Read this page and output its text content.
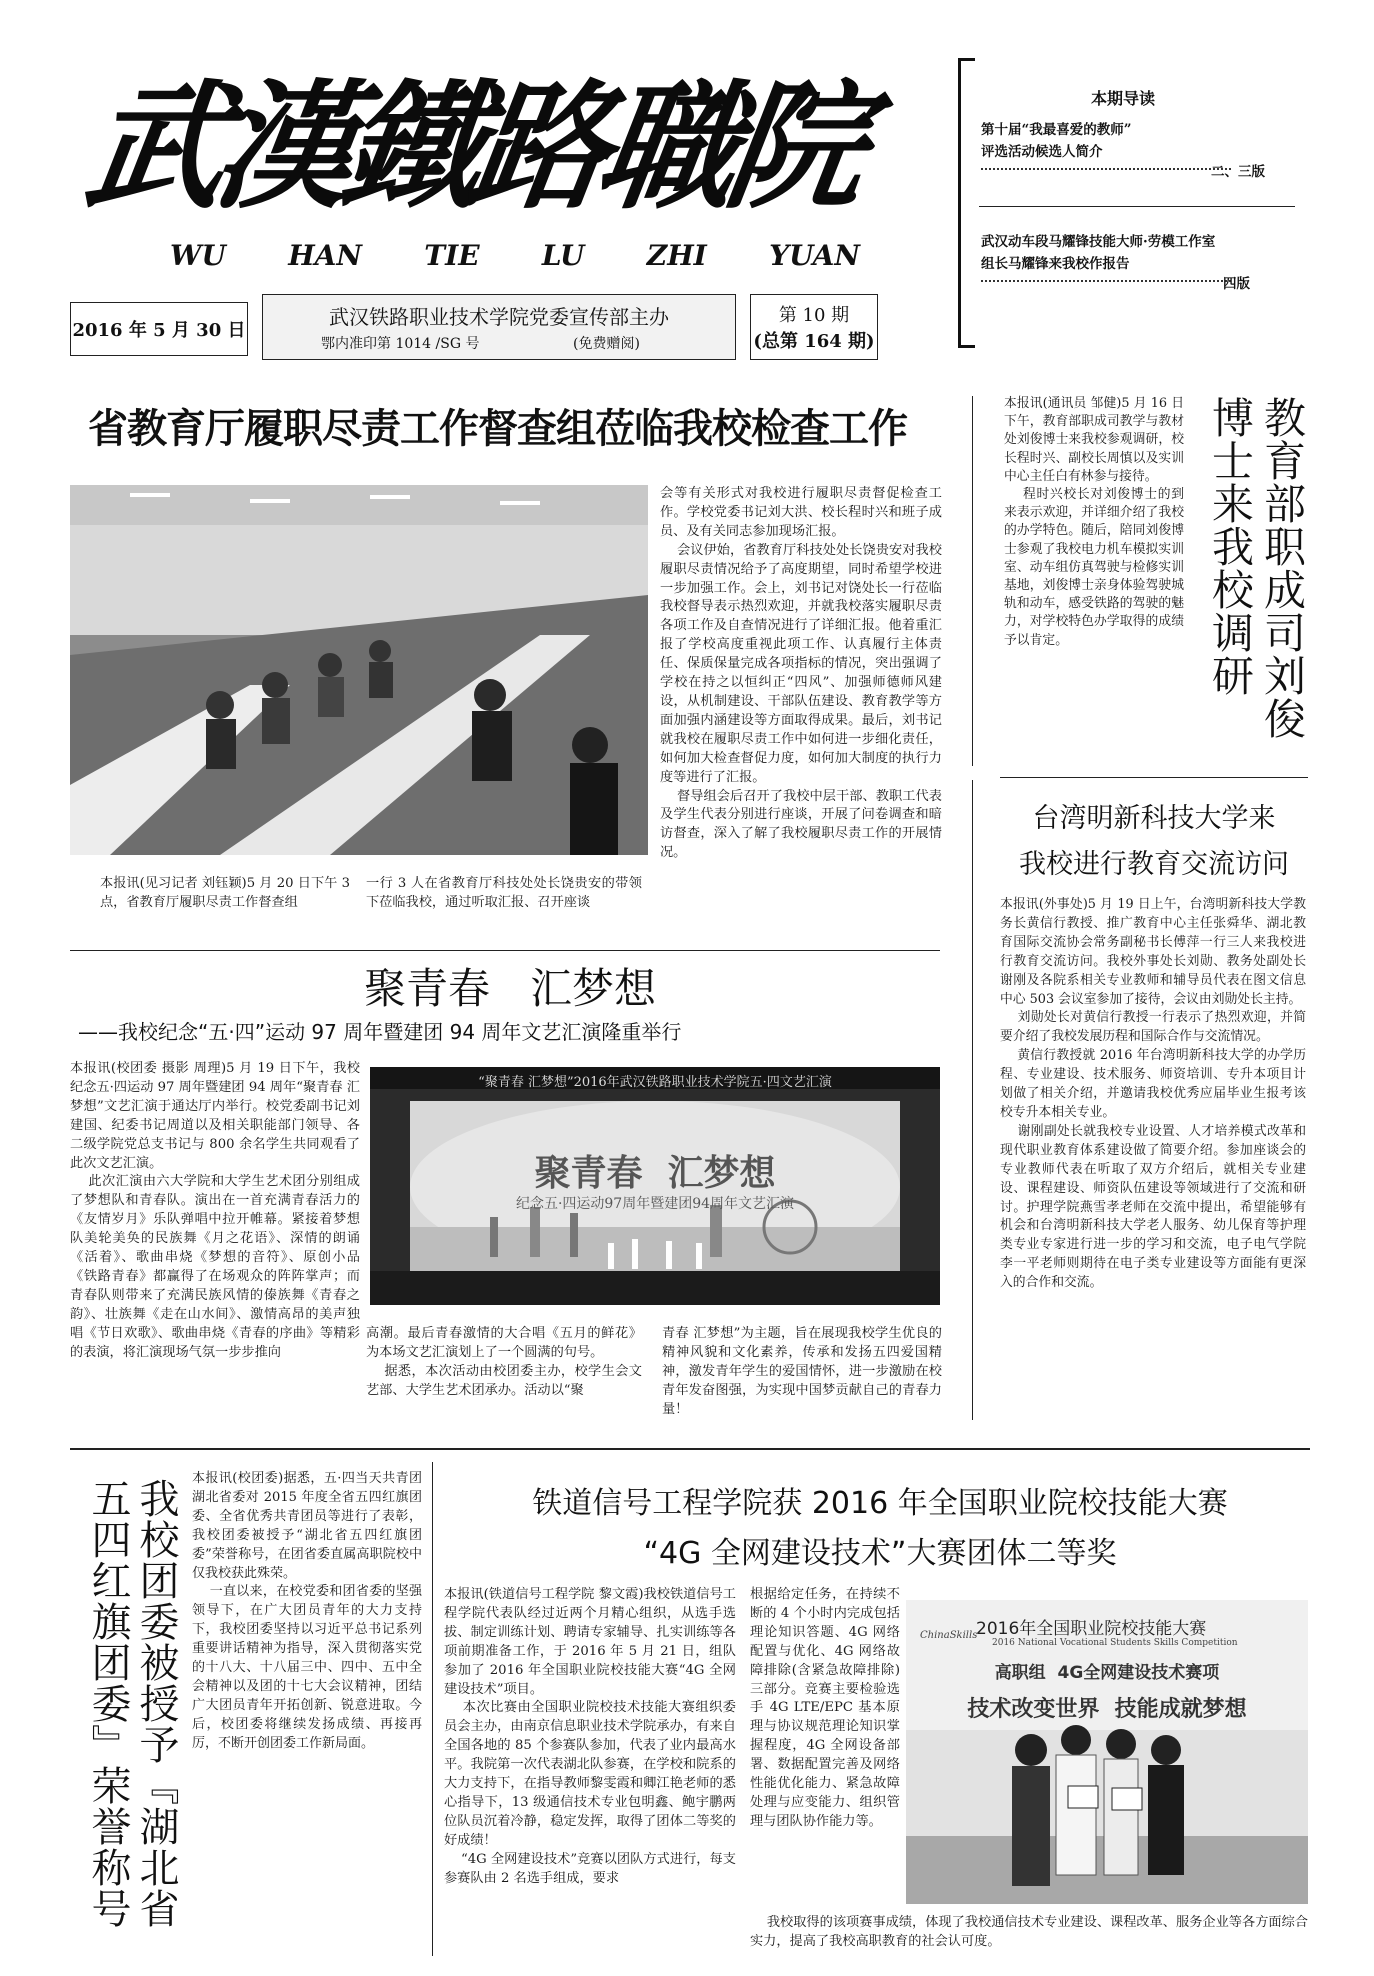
武漢鐵路職院
WU HAN TIE LU ZHI YUAN
2016 年 5 月 30 日
武汉铁路职业技术学院党委宣传部主办
鄂内准印第 1014 /SG 号	(免费赠阅)
第 10 期
(总第 164 期)
本期导读
第十届“我最喜爱的教师”
评选活动候选人简介
二、三版
武汉动车段马耀锋技能大师·劳模工作室
组长马耀锋来我校作报告
四版
省教育厅履职尽责工作督查组莅临我校检查工作
本报讯(见习记者 刘钰颖)5 月 20 日下午 3 点，省教育厅履职尽责工作督查组
一行 3 人在省教育厅科技处处长饶贵安的带领下莅临我校，通过听取汇报、召开座谈
会等有关形式对我校进行履职尽责督促检查工作。学校党委书记刘大洪、校长程时兴和班子成员、及有关同志参加现场汇报。
会议伊始，省教育厅科技处处长饶贵安对我校履职尽责情况给予了高度期望，同时希望学校进一步加强工作。会上，刘书记对饶处长一行莅临我校督导表示热烈欢迎，并就我校落实履职尽责各项工作及自查情况进行了详细汇报。他着重汇报了学校高度重视此项工作、认真履行主体责任、保质保量完成各项指标的情况，突出强调了学校在持之以恒纠正“四风”、加强师德师风建设，从机制建设、干部队伍建设、教育教学等方面加强内涵建设等方面取得成果。最后，刘书记就我校在履职尽责工作中如何进一步细化责任，如何加大检查督促力度，如何加大制度的执行力度等进行了汇报。
督导组会后召开了我校中层干部、教职工代表及学生代表分别进行座谈，开展了问卷调查和暗访督查，深入了解了我校履职尽责工作的开展情况。
本报讯(通讯员 邹健)5 月 16 日下午，教育部职成司教学与教材处刘俊博士来我校参观调研，校长程时兴、副校长周慎以及实训中心主任白有林参与接待。
程时兴校长对刘俊博士的到来表示欢迎，并详细介绍了我校的办学特色。随后，陪同刘俊博士参观了我校电力机车模拟实训室、动车组仿真驾驶与检修实训基地，刘俊博士亲身体验驾驶城轨和动车，感受铁路的驾驶的魅力，对学校特色办学取得的成绩予以肯定。	教育部职成司刘俊博士来我校调研
台湾明新科技大学来
我校进行教育交流访问
本报讯(外事处)5 月 19 日上午，台湾明新科技大学教务长黄信行教授、推广教育中心主任张舜华、湖北教育国际交流协会常务副秘书长傅萍一行三人来我校进行教育交流访问。我校外事处长刘勋、教务处副处长谢刚及各院系相关专业教师和辅导员代表在图文信息中心 503 会议室参加了接待，会议由刘勋处长主持。
刘勋处长对黄信行教授一行表示了热烈欢迎，并简要介绍了我校发展历程和国际合作与交流情况。
黄信行教授就 2016 年台湾明新科技大学的办学历程、专业建设、技术服务、师资培训、专升本项目计划做了相关介绍，并邀请我校优秀应届毕业生报考该校专升本相关专业。
谢刚副处长就我校专业设置、人才培养模式改革和现代职业教育体系建设做了简要介绍。参加座谈会的专业教师代表在听取了双方介绍后，就相关专业建设、课程建设、师资队伍建设等领域进行了交流和研讨。护理学院燕雪孝老师在交流中提出，希望能够有机会和台湾明新科技大学老人服务、幼儿保育等护理类专业专家进行进一步的学习和交流，电子电气学院李一平老师则期待在电子类专业建设等方面能有更深入的合作和交流。
聚青春   汇梦想
——我校纪念“五·四”运动 97 周年暨建团 94 周年文艺汇演隆重举行
本报讯(校团委 摄影 周理)5 月 19 日下午，我校纪念五·四运动 97 周年暨建团 94 周年“聚青春 汇梦想”文艺汇演于通达厅内举行。校党委副书记刘建国、纪委书记周道以及相关职能部门领导、各二级学院党总支书记与 800 余名学生共同观看了此次文艺汇演。
此次汇演由六大学院和大学生艺术团分别组成了梦想队和青春队。演出在一首充满青春活力的《友情岁月》乐队弹唱中拉开帷幕。紧接着梦想队美轮美奂的民族舞《月之花语》、深情的朗诵《活着》、歌曲串烧《梦想的音符》、原创小品《铁路青春》都赢得了在场观众的阵阵掌声；而青春队则带来了充满民族风情的傣族舞《青春之韵》、壮族舞《走在山水间》、激情高昂的美声独唱《节日欢歌》、歌曲串烧《青春的序曲》等精彩的表演，将汇演现场气氛一步步推向
“聚青春 汇梦想”2016年武汉铁路职业技术学院五·四文艺汇演
聚青春  汇梦想
纪念五·四运动97周年暨建团94周年文艺汇演
高潮。最后青春激情的大合唱《五月的鲜花》为本场文艺汇演划上了一个圆满的句号。
据悉，本次活动由校团委主办，校学生会文艺部、大学生艺术团承办。活动以“聚
青春 汇梦想”为主题，旨在展现我校学生优良的精神风貌和文化素养，传承和发扬五四爱国精神，激发青年学生的爱国情怀，进一步激励在校青年发奋图强，为实现中国梦贡献自己的青春力量！
我校团委被授予『湖北省五四红旗团委』荣誉称号	本报讯(校团委)据悉，五·四当天共青团湖北省委对 2015 年度全省五四红旗团委、全省优秀共青团员等进行了表彰，我校团委被授予“湖北省五四红旗团委”荣誉称号，在团省委直属高职院校中仅我校获此殊荣。
一直以来，在校党委和团省委的坚强领导下，在广大团员青年的大力支持下，我校团委坚持以习近平总书记系列重要讲话精神为指导，深入贯彻落实党的十八大、十八届三中、四中、五中全会精神以及团的十七大会议精神，团结广大团员青年开拓创新、锐意进取。今后，校团委将继续发扬成绩、再接再厉，不断开创团委工作新局面。
铁道信号工程学院获 2016 年全国职业院校技能大赛
“4G 全网建设技术”大赛团体二等奖
本报讯(铁道信号工程学院 黎文霞)我校铁道信号工程学院代表队经过近两个月精心组织，从选手选拔、制定训练计划、聘请专家辅导、扎实训练等各项前期准备工作，于 2016 年 5 月 21 日，组队参加了 2016 年全国职业院校技能大赛“4G 全网建设技术”项目。
本次比赛由全国职业院校技术技能大赛组织委员会主办，由南京信息职业技术学院承办，有来自全国各地的 85 个参赛队参加，代表了业内最高水平。我院第一次代表湖北队参赛，在学校和院系的大力支持下，在指导教师黎雯霞和卿江艳老师的悉心指导下，13 级通信技术专业包明鑫、鲍宇鹏两位队员沉着冷静，稳定发挥，取得了团体二等奖的好成绩！
“4G 全网建设技术”竞赛以团队方式进行，每支参赛队由 2 名选手组成，要求
根据给定任务，在持续不断的 4 个小时内完成包括理论知识答题、4G 网络配置与优化、4G 网络故障排除(含紧急故障排除)三部分。竞赛主要检验选手 4G LTE/EPC 基本原理与协议规范理论知识掌握程度，4G 全网设备部署、数据配置完善及网络性能优化能力、紧急故障处理与应变能力、组织管理与团队协作能力等。
我校取得的该项赛事成绩，体现了我校通信技术专业建设、课程改革、服务企业等各方面综合实力，提高了我校高职教育的社会认可度。
ChinaSkills
2016年全国职业院校技能大赛
2016 National Vocational Students Skills Competition
高职组  4G全网建设技术赛项
技术改变世界  技能成就梦想
